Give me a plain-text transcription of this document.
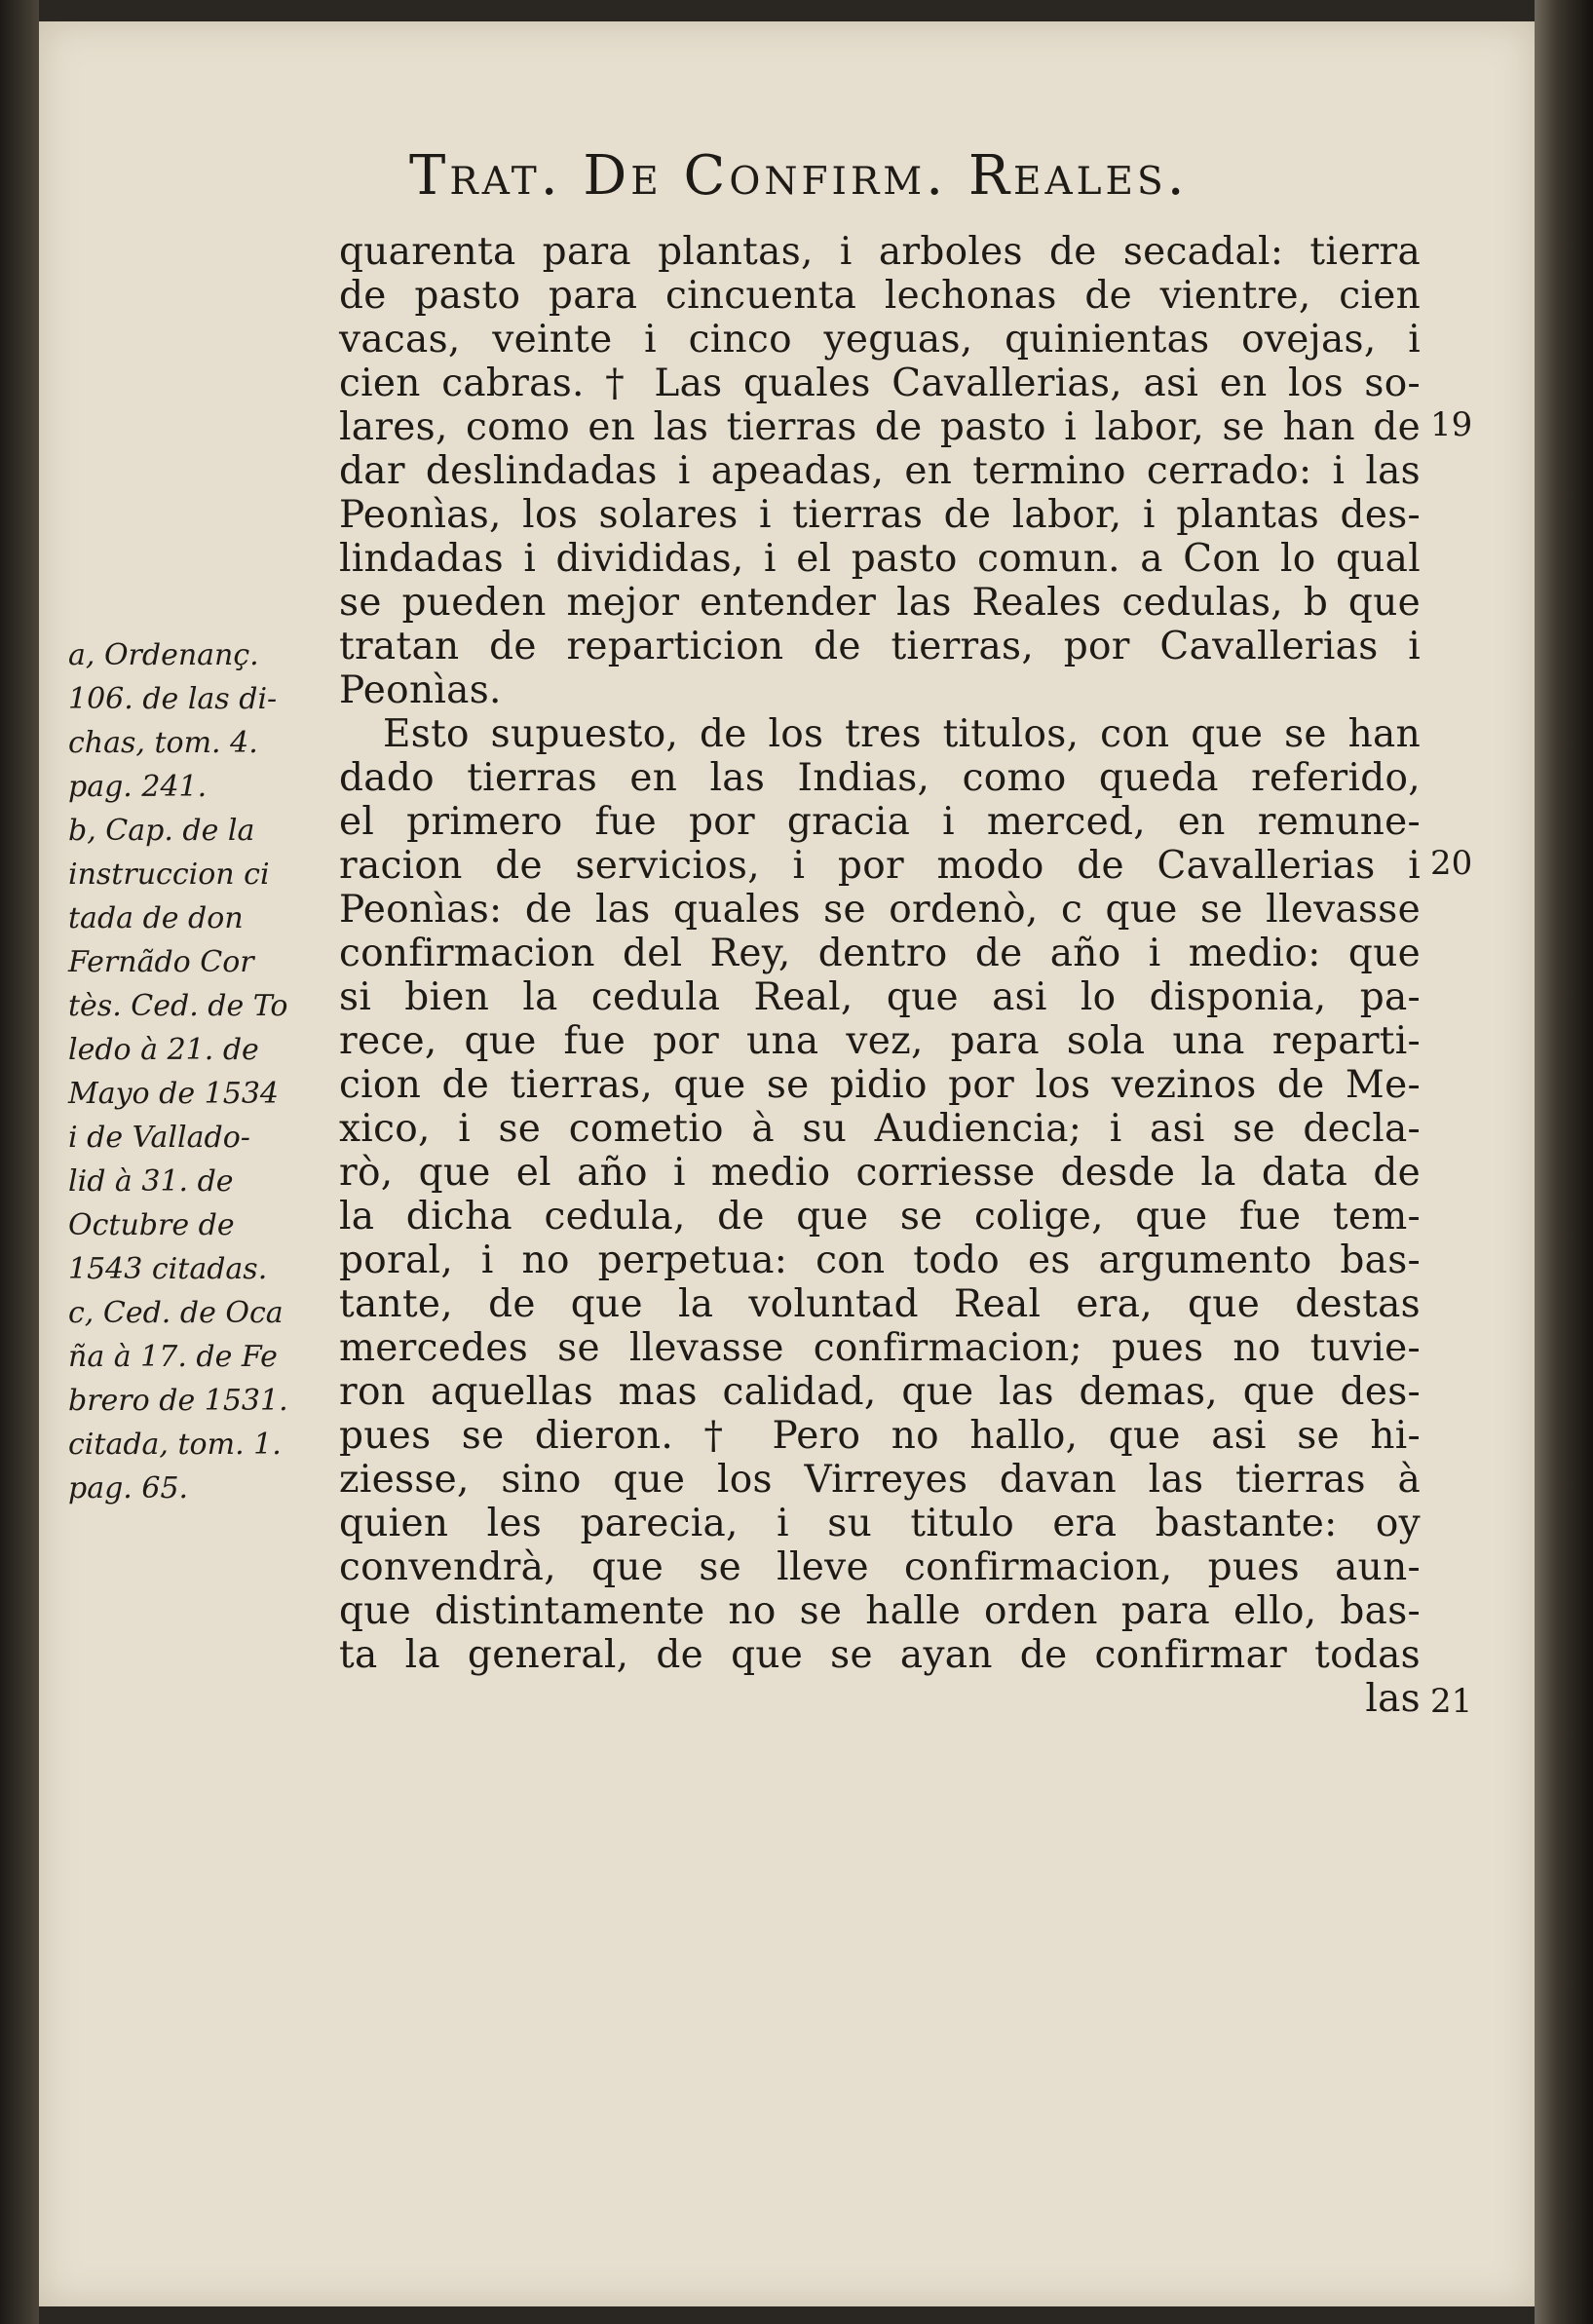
Trat. De Confirm. Reales.
quarenta para plantas, i arboles de secadal: tierra
de pasto para cincuenta lechonas de vientre, cien
vacas, veinte i cinco yeguas, quinientas ovejas, i
cien cabras. † Las quales Cavallerias, asi en los so-
lares, como en las tierras de pasto i labor, se han de
dar deslindadas i apeadas, en termino cerrado: i las
Peonìas, los solares i tierras de labor, i plantas des-
lindadas i divididas, i el pasto comun. a Con lo qual
se pueden mejor entender las Reales cedulas, b que
tratan de reparticion de tierras, por Cavallerias i
Peonìas.
Esto supuesto, de los tres titulos, con que se han
dado tierras en las Indias, como queda referido,
el primero fue por gracia i merced, en remune-
racion de servicios, i por modo de Cavallerias i
Peonìas: de las quales se ordenò, c que se llevasse
confirmacion del Rey, dentro de año i medio: que
si bien la cedula Real, que asi lo disponia, pa-
rece, que fue por una vez, para sola una reparti-
cion de tierras, que se pidio por los vezinos de Me-
xico, i se cometio à su Audiencia; i asi se decla-
rò, que el año i medio corriesse desde la data de
la dicha cedula, de que se colige, que fue tem-
poral, i no perpetua: con todo es argumento bas-
tante, de que la voluntad Real era, que destas
mercedes se llevasse confirmacion; pues no tuvie-
ron aquellas mas calidad, que las demas, que des-
pues se dieron. † Pero no hallo, que asi se hi-
ziesse, sino que los Virreyes davan las tierras à
quien les parecia, i su titulo era bastante: oy
convendrà, que se lleve confirmacion, pues aun-
que distintamente no se halle orden para ello, bas-
ta la general, de que se ayan de confirmar todas
las
a, Ordenanç.
106. de las di-
chas, tom. 4.
pag. 241.
b, Cap. de la
instruccion ci
tada de don
Fernãdo Cor
tès. Ced. de To
ledo à 21. de
Mayo de 1534
i de Vallado-
lid à 31. de
Octubre de
1543 citadas.
c, Ced. de Oca
ña à 17. de Fe
brero de 1531.
citada, tom. 1.
pag. 65.
19
20
21
